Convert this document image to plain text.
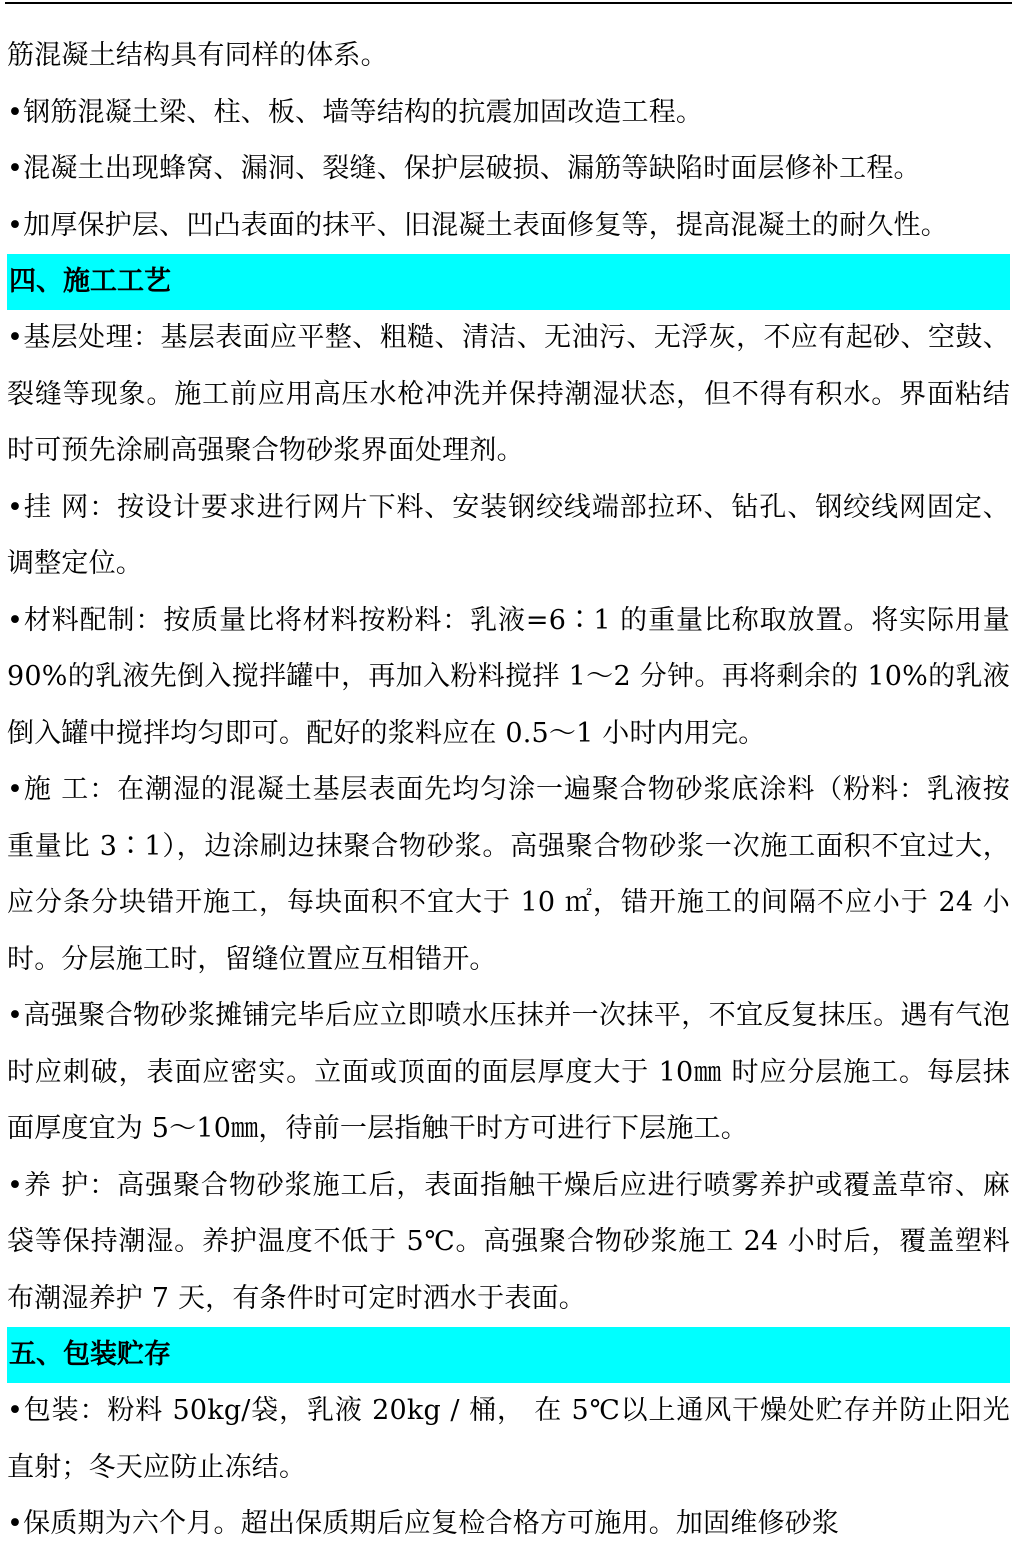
筋混凝土结构具有同样的体系。

•钢筋混凝土梁、柱、板、墙等结构的抗震加固改造工程。

•混凝土出现蜂窝、漏洞、裂缝、保护层破损、漏筋等缺陷时面层修补工程。

•加厚保护层、凹凸表面的抹平、旧混凝土表面修复等，提高混凝土的耐久性。

四、施工工艺

•基层处理：基层表面应平整、粗糙、清洁、无油污、无浮灰，不应有起砂、空鼓、裂缝等现象。施工前应用高压水枪冲洗并保持潮湿状态，但不得有积水。界面粘结时可预先涂刷高强聚合物砂浆界面处理剂。

•挂 网：按设计要求进行网片下料、安装钢绞线端部拉环、钻孔、钢绞线网固定、调整定位。

•材料配制：按质量比将材料按粉料：乳液=6∶1 的重量比称取放置。将实际用量 90%的乳液先倒入搅拌罐中，再加入粉料搅拌 1～2 分钟。再将剩余的 10%的乳液倒入罐中搅拌均匀即可。配好的浆料应在 0.5～1 小时内用完。

•施 工：在潮湿的混凝土基层表面先均匀涂一遍聚合物砂浆底涂料（粉料：乳液按重量比 3∶1），边涂刷边抹聚合物砂浆。高强聚合物砂浆一次施工面积不宜过大，应分条分块错开施工，每块面积不宜大于 10 ㎡，错开施工的间隔不应小于 24 小时。分层施工时，留缝位置应互相错开。

•高强聚合物砂浆摊铺完毕后应立即喷水压抹并一次抹平，不宜反复抹压。遇有气泡时应刺破，表面应密实。立面或顶面的面层厚度大于 10㎜ 时应分层施工。每层抹面厚度宜为 5～10㎜，待前一层指触干时方可进行下层施工。

•养 护：高强聚合物砂浆施工后，表面指触干燥后应进行喷雾养护或覆盖草帘、麻袋等保持潮湿。养护温度不低于 5℃。高强聚合物砂浆施工 24 小时后，覆盖塑料布潮湿养护 7 天，有条件时可定时洒水于表面。

五、包装贮存

•包装：粉料 50kg/袋，乳液 20kg / 桶， 在 5℃以上通风干燥处贮存并防止阳光直射；冬天应防止冻结。

•保质期为六个月。超出保质期后应复检合格方可施用。加固维修砂浆
